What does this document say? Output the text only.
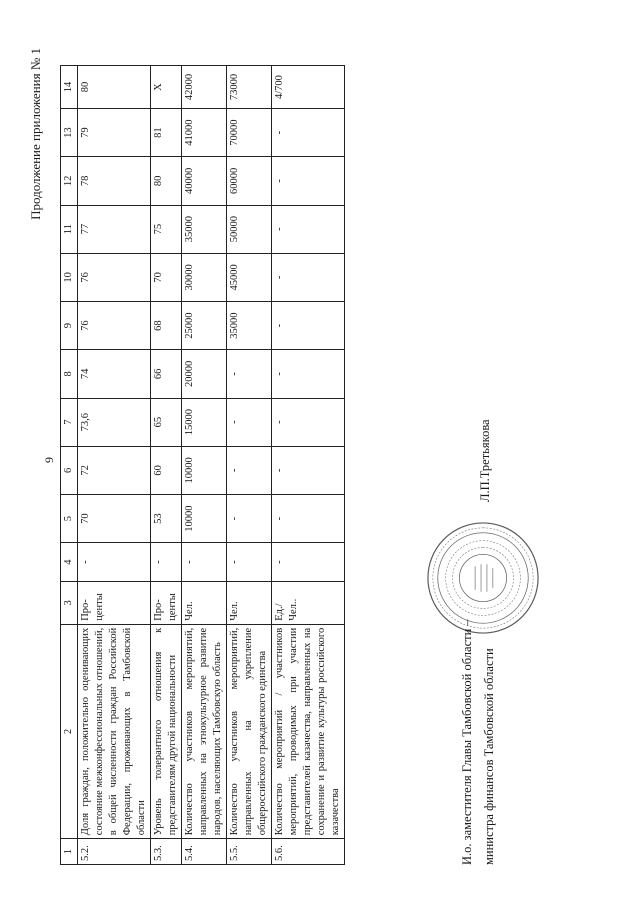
9
Продолжение приложения № 1
1	2	3	4	5	6	7	8	9	10	11	12	13	14
5.2.	Доля граждан, положительно оценивающих состояние межконфессиональных отношений, в общей численности граждан Российской Федерации, проживающих в Тамбовской области	Про-центы	-	70	72	73,6	74	76	76	77	78	79	80
5.3.	Уровень толерантного отношения к представителям другой национальности	Про-центы	-	53	60	65	66	68	70	75	80	81	X
5.4.	Количество участников мероприятий, направленных на этнокультурное развитие народов, населяющих Тамбовскую область	Чел.	-	10000	10000	15000	20000	25000	30000	35000	40000	41000	42000
5.5.	Количество участников мероприятий, направленных на укрепление общероссийского гражданского единства	Чел.	-	-	-	-	-	35000	45000	50000	60000	70000	73000
5.6.	Количество мероприятий / участников мероприятий, проводимых при участии представителей казачества, направленных на сохранение и развитие культуры российского казачества	Ед./ Чел..	-	-	-	-	-	-	-	-	-	-	4/700
И.о. заместителя Главы Тамбовской области – министра финансов Тамбовской области
Л.П.Третьякова
